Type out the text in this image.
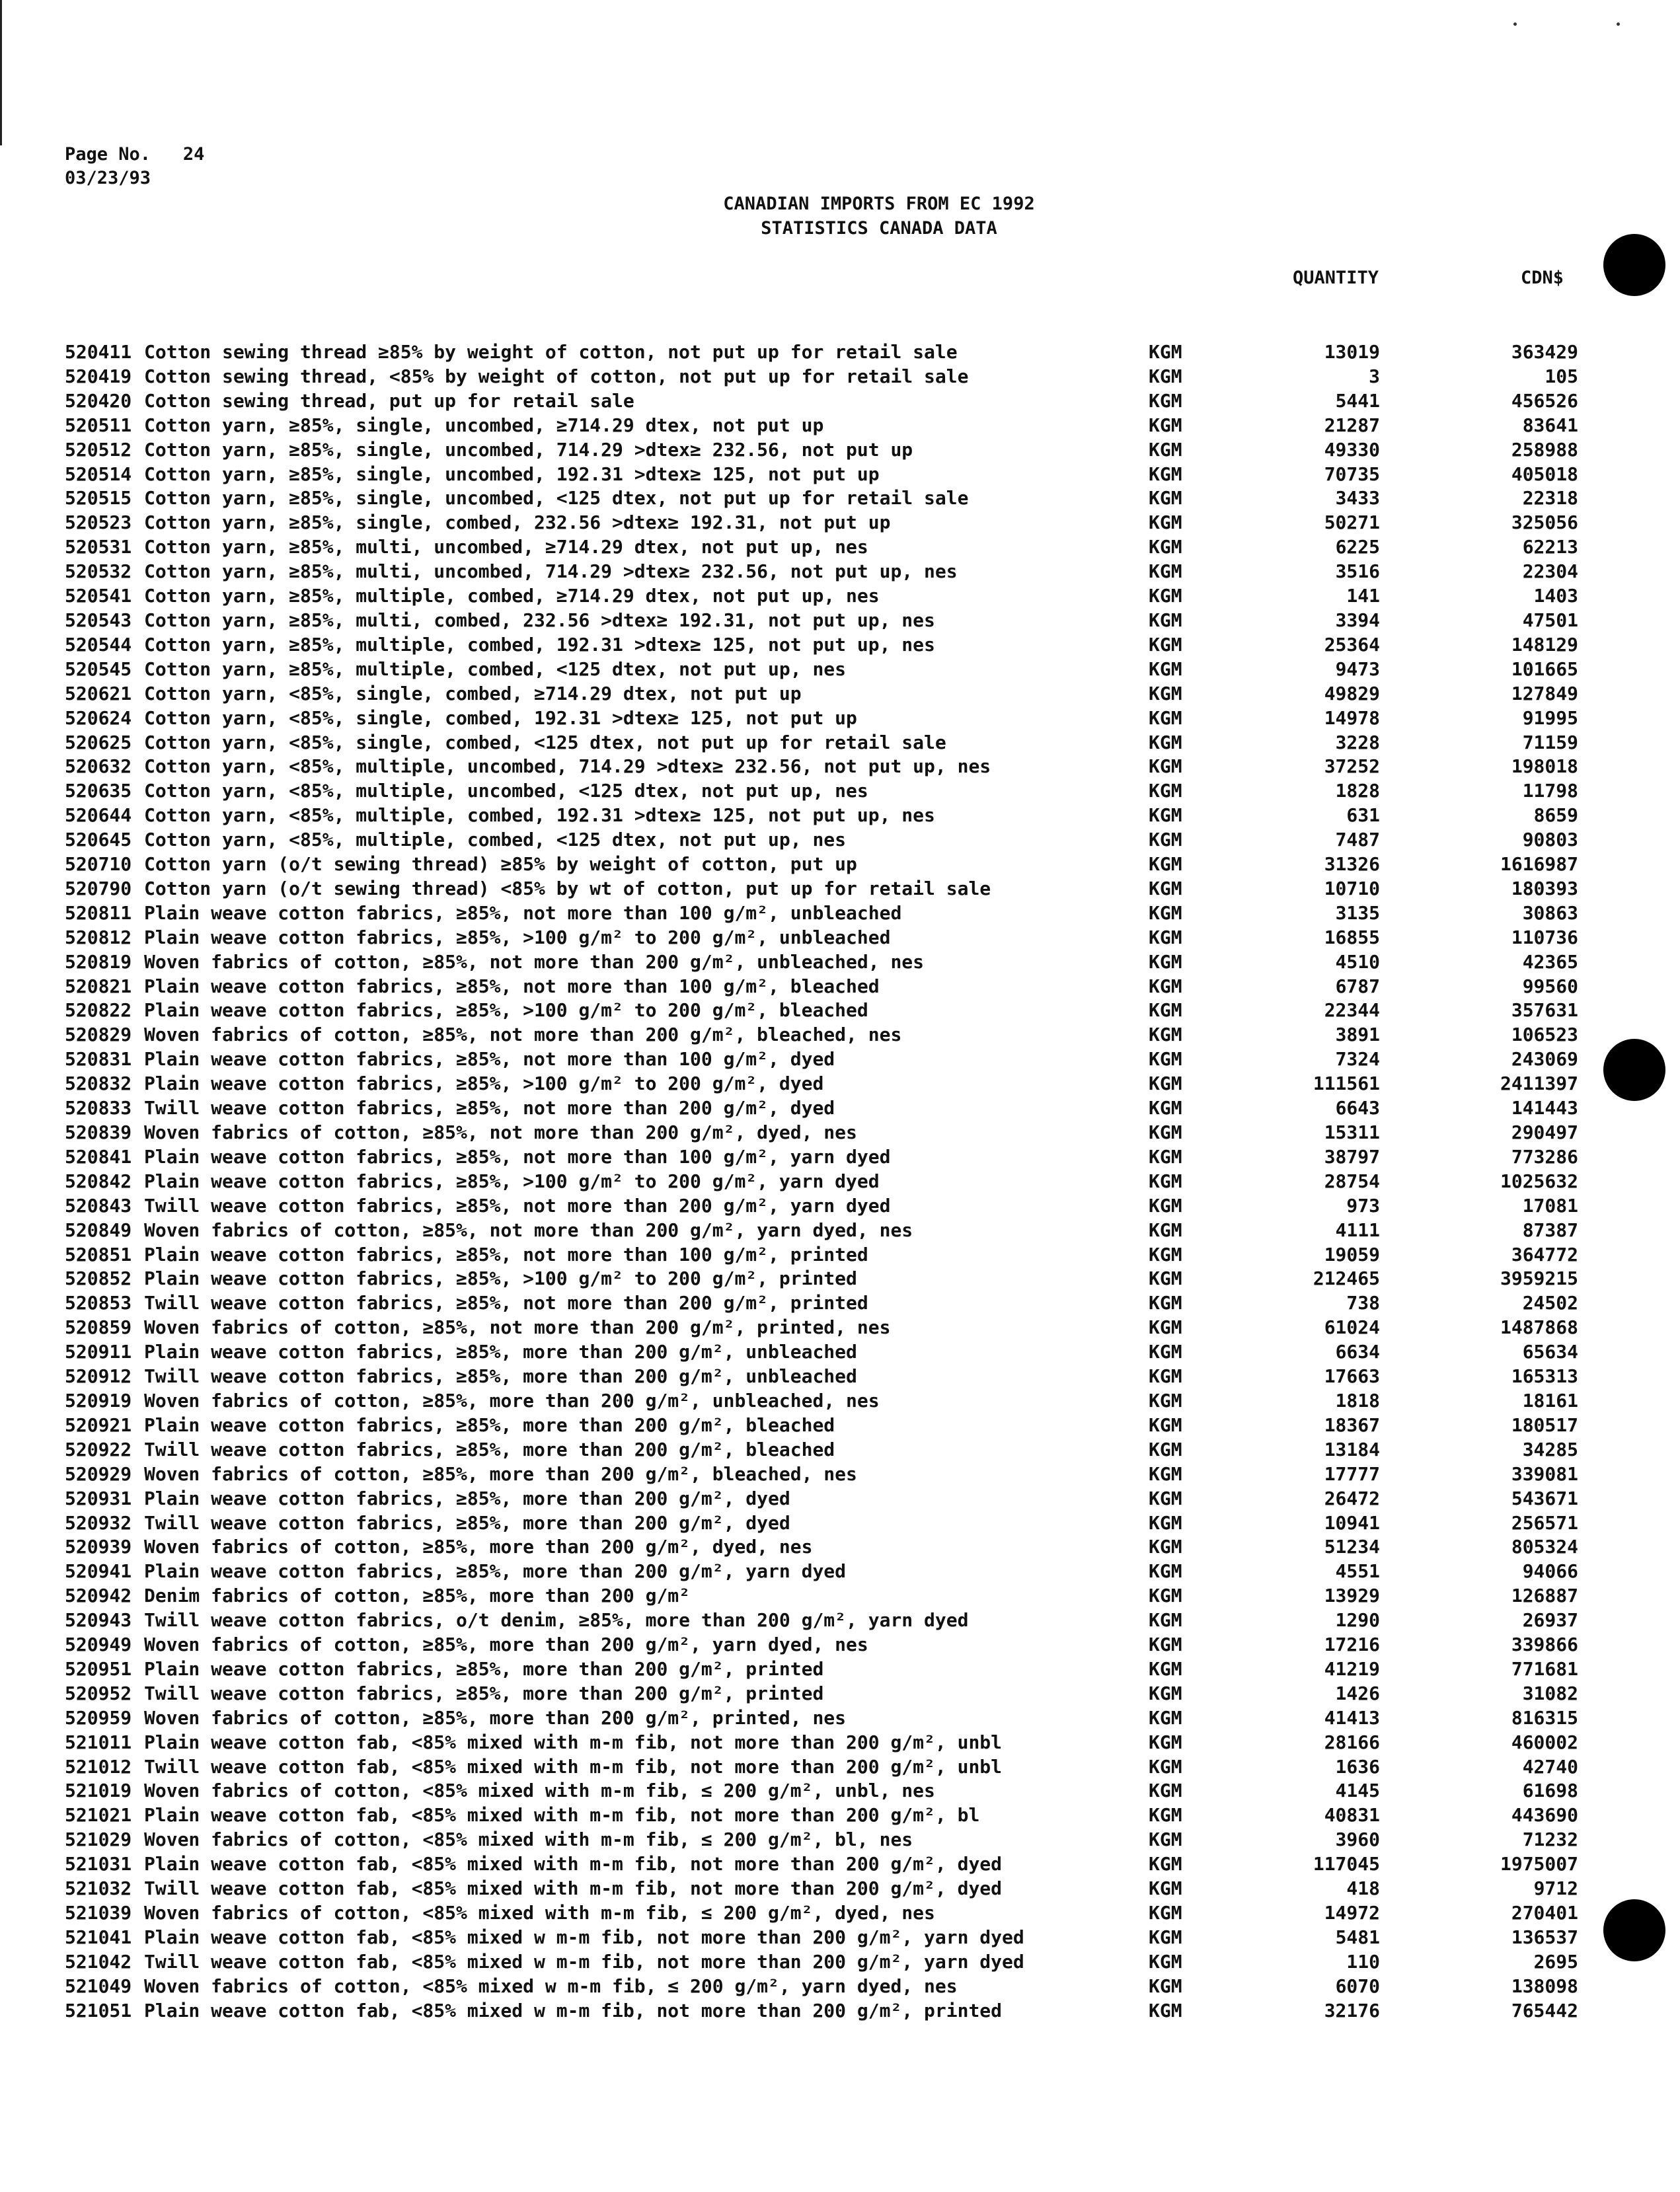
Page No. 24
03/23/93
CANADIAN IMPORTS FROM EC 1992
STATISTICS CANADA DATA
QUANTITY	CDN$
520411 Cotton sewing thread ≥85% by weight of cotton, not put up for retail sale	KGM	13019	363429
520419 Cotton sewing thread, <85% by weight of cotton, not put up for retail sale	KGM	3	105
520420 Cotton sewing thread, put up for retail sale	KGM	5441	456526
520511 Cotton yarn, ≥85%, single, uncombed, ≥714.29 dtex, not put up	KGM	21287	83641
520512 Cotton yarn, ≥85%, single, uncombed, 714.29 >dtex≥ 232.56, not put up	KGM	49330	258988
520514 Cotton yarn, ≥85%, single, uncombed, 192.31 >dtex≥ 125, not put up	KGM	70735	405018
520515 Cotton yarn, ≥85%, single, uncombed, <125 dtex, not put up for retail sale	KGM	3433	22318
520523 Cotton yarn, ≥85%, single, combed, 232.56 >dtex≥ 192.31, not put up	KGM	50271	325056
520531 Cotton yarn, ≥85%, multi, uncombed, ≥714.29 dtex, not put up, nes	KGM	6225	62213
520532 Cotton yarn, ≥85%, multi, uncombed, 714.29 >dtex≥ 232.56, not put up, nes	KGM	3516	22304
520541 Cotton yarn, ≥85%, multiple, combed, ≥714.29 dtex, not put up, nes	KGM	141	1403
520543 Cotton yarn, ≥85%, multi, combed, 232.56 >dtex≥ 192.31, not put up, nes	KGM	3394	47501
520544 Cotton yarn, ≥85%, multiple, combed, 192.31 >dtex≥ 125, not put up, nes	KGM	25364	148129
520545 Cotton yarn, ≥85%, multiple, combed, <125 dtex, not put up, nes	KGM	9473	101665
520621 Cotton yarn, <85%, single, combed, ≥714.29 dtex, not put up	KGM	49829	127849
520624 Cotton yarn, <85%, single, combed, 192.31 >dtex≥ 125, not put up	KGM	14978	91995
520625 Cotton yarn, <85%, single, combed, <125 dtex, not put up for retail sale	KGM	3228	71159
520632 Cotton yarn, <85%, multiple, uncombed, 714.29 >dtex≥ 232.56, not put up, nes	KGM	37252	198018
520635 Cotton yarn, <85%, multiple, uncombed, <125 dtex, not put up, nes	KGM	1828	11798
520644 Cotton yarn, <85%, multiple, combed, 192.31 >dtex≥ 125, not put up, nes	KGM	631	8659
520645 Cotton yarn, <85%, multiple, combed, <125 dtex, not put up, nes	KGM	7487	90803
520710 Cotton yarn (o/t sewing thread) ≥85% by weight of cotton, put up	KGM	31326	1616987
520790 Cotton yarn (o/t sewing thread) <85% by wt of cotton, put up for retail sale	KGM	10710	180393
520811 Plain weave cotton fabrics, ≥85%, not more than 100 g/m², unbleached	KGM	3135	30863
520812 Plain weave cotton fabrics, ≥85%, >100 g/m² to 200 g/m², unbleached	KGM	16855	110736
520819 Woven fabrics of cotton, ≥85%, not more than 200 g/m², unbleached, nes	KGM	4510	42365
520821 Plain weave cotton fabrics, ≥85%, not more than 100 g/m², bleached	KGM	6787	99560
520822 Plain weave cotton fabrics, ≥85%, >100 g/m² to 200 g/m², bleached	KGM	22344	357631
520829 Woven fabrics of cotton, ≥85%, not more than 200 g/m², bleached, nes	KGM	3891	106523
520831 Plain weave cotton fabrics, ≥85%, not more than 100 g/m², dyed	KGM	7324	243069
520832 Plain weave cotton fabrics, ≥85%, >100 g/m² to 200 g/m², dyed	KGM	111561	2411397
520833 Twill weave cotton fabrics, ≥85%, not more than 200 g/m², dyed	KGM	6643	141443
520839 Woven fabrics of cotton, ≥85%, not more than 200 g/m², dyed, nes	KGM	15311	290497
520841 Plain weave cotton fabrics, ≥85%, not more than 100 g/m², yarn dyed	KGM	38797	773286
520842 Plain weave cotton fabrics, ≥85%, >100 g/m² to 200 g/m², yarn dyed	KGM	28754	1025632
520843 Twill weave cotton fabrics, ≥85%, not more than 200 g/m², yarn dyed	KGM	973	17081
520849 Woven fabrics of cotton, ≥85%, not more than 200 g/m², yarn dyed, nes	KGM	4111	87387
520851 Plain weave cotton fabrics, ≥85%, not more than 100 g/m², printed	KGM	19059	364772
520852 Plain weave cotton fabrics, ≥85%, >100 g/m² to 200 g/m², printed	KGM	212465	3959215
520853 Twill weave cotton fabrics, ≥85%, not more than 200 g/m², printed	KGM	738	24502
520859 Woven fabrics of cotton, ≥85%, not more than 200 g/m², printed, nes	KGM	61024	1487868
520911 Plain weave cotton fabrics, ≥85%, more than 200 g/m², unbleached	KGM	6634	65634
520912 Twill weave cotton fabrics, ≥85%, more than 200 g/m², unbleached	KGM	17663	165313
520919 Woven fabrics of cotton, ≥85%, more than 200 g/m², unbleached, nes	KGM	1818	18161
520921 Plain weave cotton fabrics, ≥85%, more than 200 g/m², bleached	KGM	18367	180517
520922 Twill weave cotton fabrics, ≥85%, more than 200 g/m², bleached	KGM	13184	34285
520929 Woven fabrics of cotton, ≥85%, more than 200 g/m², bleached, nes	KGM	17777	339081
520931 Plain weave cotton fabrics, ≥85%, more than 200 g/m², dyed	KGM	26472	543671
520932 Twill weave cotton fabrics, ≥85%, more than 200 g/m², dyed	KGM	10941	256571
520939 Woven fabrics of cotton, ≥85%, more than 200 g/m², dyed, nes	KGM	51234	805324
520941 Plain weave cotton fabrics, ≥85%, more than 200 g/m², yarn dyed	KGM	4551	94066
520942 Denim fabrics of cotton, ≥85%, more than 200 g/m²	KGM	13929	126887
520943 Twill weave cotton fabrics, o/t denim, ≥85%, more than 200 g/m², yarn dyed	KGM	1290	26937
520949 Woven fabrics of cotton, ≥85%, more than 200 g/m², yarn dyed, nes	KGM	17216	339866
520951 Plain weave cotton fabrics, ≥85%, more than 200 g/m², printed	KGM	41219	771681
520952 Twill weave cotton fabrics, ≥85%, more than 200 g/m², printed	KGM	1426	31082
520959 Woven fabrics of cotton, ≥85%, more than 200 g/m², printed, nes	KGM	41413	816315
521011 Plain weave cotton fab, <85% mixed with m-m fib, not more than 200 g/m², unbl	KGM	28166	460002
521012 Twill weave cotton fab, <85% mixed with m-m fib, not more than 200 g/m², unbl	KGM	1636	42740
521019 Woven fabrics of cotton, <85% mixed with m-m fib, ≤ 200 g/m², unbl, nes	KGM	4145	61698
521021 Plain weave cotton fab, <85% mixed with m-m fib, not more than 200 g/m², bl	KGM	40831	443690
521029 Woven fabrics of cotton, <85% mixed with m-m fib, ≤ 200 g/m², bl, nes	KGM	3960	71232
521031 Plain weave cotton fab, <85% mixed with m-m fib, not more than 200 g/m², dyed	KGM	117045	1975007
521032 Twill weave cotton fab, <85% mixed with m-m fib, not more than 200 g/m², dyed	KGM	418	9712
521039 Woven fabrics of cotton, <85% mixed with m-m fib, ≤ 200 g/m², dyed, nes	KGM	14972	270401
521041 Plain weave cotton fab, <85% mixed w m-m fib, not more than 200 g/m², yarn dyed	KGM	5481	136537
521042 Twill weave cotton fab, <85% mixed w m-m fib, not more than 200 g/m², yarn dyed	KGM	110	2695
521049 Woven fabrics of cotton, <85% mixed w m-m fib, ≤ 200 g/m², yarn dyed, nes	KGM	6070	138098
521051 Plain weave cotton fab, <85% mixed w m-m fib, not more than 200 g/m², printed	KGM	32176	765442
